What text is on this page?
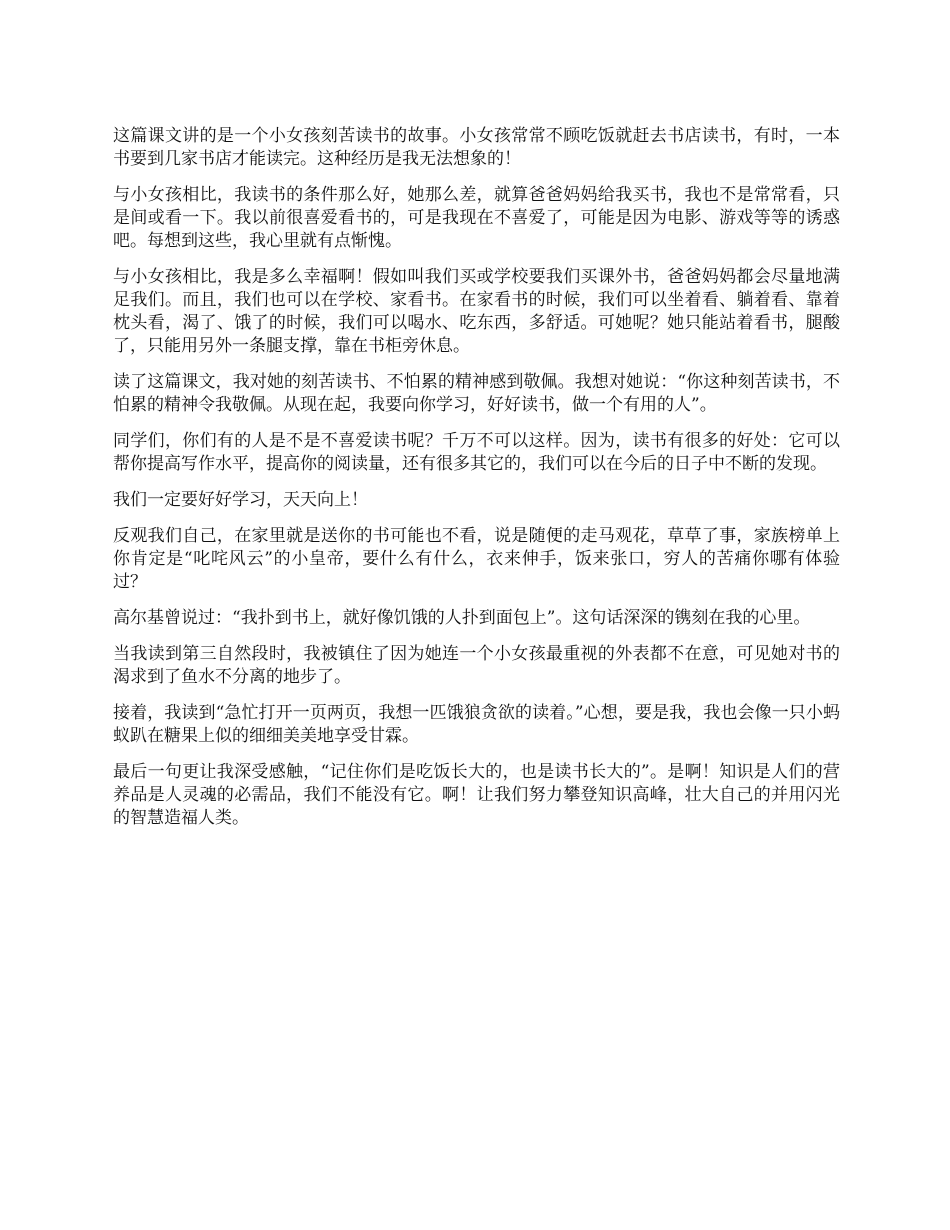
这篇课文讲的是一个小女孩刻苦读书的故事。小女孩常常不顾吃饭就赶去书店读书，有时，一本书要到几家书店才能读完。这种经历是我无法想象的！

与小女孩相比，我读书的条件那么好，她那么差，就算爸爸妈妈给我买书，我也不是常常看，只是间或看一下。我以前很喜爱看书的，可是我现在不喜爱了，可能是因为电影、游戏等等的诱惑吧。每想到这些，我心里就有点惭愧。

与小女孩相比，我是多么幸福啊！假如叫我们买或学校要我们买课外书，爸爸妈妈都会尽量地满足我们。而且，我们也可以在学校、家看书。在家看书的时候，我们可以坐着看、躺着看、靠着枕头看，渴了、饿了的时候，我们可以喝水、吃东西，多舒适。可她呢？她只能站着看书，腿酸了，只能用另外一条腿支撑，靠在书柜旁休息。

读了这篇课文，我对她的刻苦读书、不怕累的精神感到敬佩。我想对她说：“你这种刻苦读书，不怕累的精神令我敬佩。从现在起，我要向你学习，好好读书，做一个有用的人”。

同学们，你们有的人是不是不喜爱读书呢？千万不可以这样。因为，读书有很多的好处：它可以帮你提高写作水平，提高你的阅读量，还有很多其它的，我们可以在今后的日子中不断的发现。

我们一定要好好学习，天天向上！

反观我们自己，在家里就是送你的书可能也不看，说是随便的走马观花，草草了事，家族榜单上你肯定是“叱咤风云”的小皇帝，要什么有什么，衣来伸手，饭来张口，穷人的苦痛你哪有体验过？

高尔基曾说过：“我扑到书上，就好像饥饿的人扑到面包上”。这句话深深的镌刻在我的心里。

当我读到第三自然段时，我被镇住了因为她连一个小女孩最重视的外表都不在意，可见她对书的渴求到了鱼水不分离的地步了。

接着，我读到“急忙打开一页两页，我想一匹饿狼贪欲的读着。”心想，要是我，我也会像一只小蚂蚁趴在糖果上似的细细美美地享受甘霖。

最后一句更让我深受感触，“记住你们是吃饭长大的，也是读书长大的”。是啊！知识是人们的营养品是人灵魂的必需品，我们不能没有它。啊！让我们努力攀登知识高峰，壮大自己的并用闪光的智慧造福人类。
